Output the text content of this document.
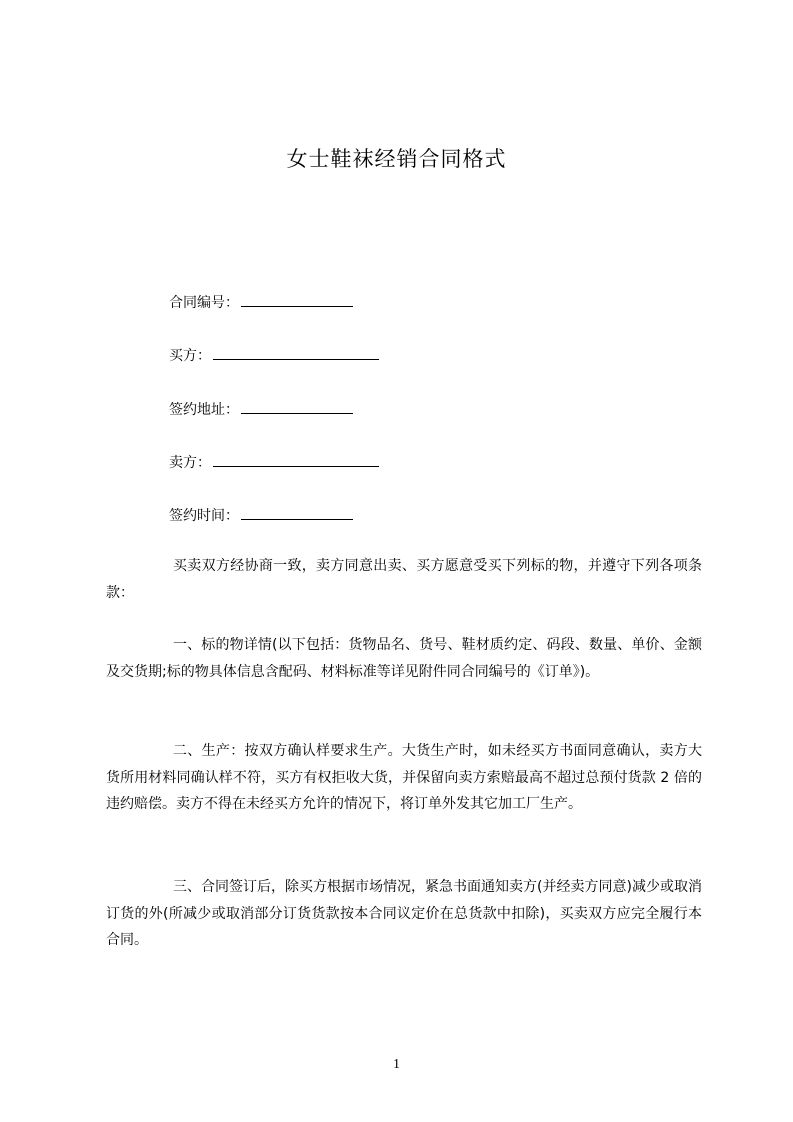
女士鞋袜经销合同格式
合同编号：
买方：
签约地址：
卖方：
签约时间：

买卖双方经协商一致，卖方同意出卖、买方愿意受买下列标的物，并遵守下列各项条款：

一、标的物详情(以下包括：货物品名、货号、鞋材质约定、码段、数量、单价、金额及交货期;标的物具体信息含配码、材料标准等详见附件同合同编号的《订单》)。

二、生产：按双方确认样要求生产。大货生产时，如未经买方书面同意确认，卖方大货所用材料同确认样不符，买方有权拒收大货，并保留向卖方索赔最高不超过总预付货款 2 倍的违约赔偿。卖方不得在未经买方允许的情况下，将订单外发其它加工厂生产。

三、合同签订后，除买方根据市场情况，紧急书面通知卖方(并经卖方同意)减少或取消订货的外(所减少或取消部分订货货款按本合同议定价在总货款中扣除)，买卖双方应完全履行本合同。

1
